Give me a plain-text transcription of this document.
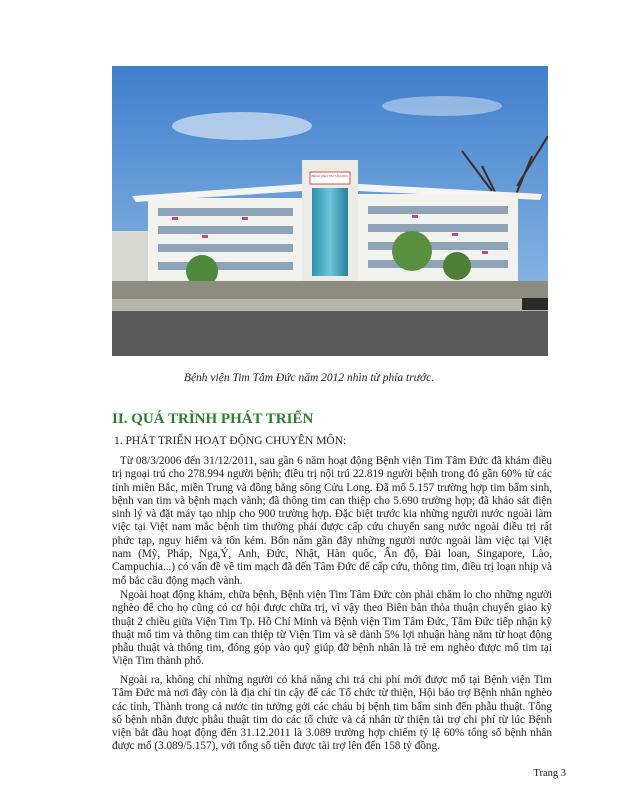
BỆNH VIỆN TIM TÂM ĐỨC
Bệnh viện Tim Tâm Đức năm 2012 nhìn từ phía trước.
II. QUÁ TRÌNH PHÁT TRIỂN
1. PHÁT TRIỂN HOẠT ĐỘNG CHUYÊN MÔN:
Từ 08/3/2006 đến 31/12/2011, sau gần 6 năm hoạt động Bệnh viện Tim Tâm Đức đã khám điều trị ngoại trú cho 278.994 người bệnh; điều trị nội trú 22.819 người bệnh trong đó gần 60% từ các tỉnh miền Bắc, miền Trung và đồng bằng sông Cửu Long. Đã mổ 5.157 trường hợp tim bẩm sinh, bệnh van tim và bệnh mạch vành; đã thông tim can thiệp cho 5.690 trường hợp; đã khảo sát điện sinh lý và đặt máy tạo nhịp cho 900 trường hợp. Đặc biệt trước kia những người nước ngoài làm việc tại Việt nam mắc bệnh tim thường phải được cấp cứu chuyển sang nước ngoài điều trị rất phức tạp, nguy hiểm và tốn kém. Bốn năm gần đây những người nước ngoài làm việc tại Việt nam (Mỹ, Pháp, Nga,Ý, Anh, Đức, Nhật, Hàn quốc, Ấn độ, Đài loan, Singapore, Lào, Campuchia...) có vấn đề về tim mạch đã đến Tâm Đức để cấp cứu, thông tim, điều trị loạn nhịp và mổ bắc cầu động mạch vành.
Ngoài hoạt động khám, chữa bệnh, Bệnh viện Tim Tâm Đức còn phải chăm lo cho những người nghèo để cho họ cũng có cơ hội được chữa trị, vì vậy theo Biên bản thỏa thuận chuyển giao kỹ thuật 2 chiều giữa Viện Tim Tp. Hồ Chí Minh và Bệnh viện Tim Tâm Đức, Tâm Đức tiếp nhận kỹ thuật mổ tim và thông tim can thiệp từ Viện Tim và sẽ dành 5% lợi nhuận hàng năm từ hoạt động phẫu thuật và thông tim, đóng góp vào quỹ giúp đỡ bệnh nhân là trẻ em nghèo được mổ tim tại Viện Tim thành phố.
Ngoài ra, không chỉ những người có khả năng chi trả chi phí mới được mổ tại Bệnh viện Tim Tâm Đức mà nơi đây còn là địa chỉ tin cậy để các Tổ chức từ thiện, Hội bảo trợ Bệnh nhân nghèo các tỉnh, Thành trong cả nước tin tưởng gởi các cháu bị bệnh tim bẩm sinh đến phẫu thuật. Tổng số bệnh nhân được phẫu thuật tim do các tổ chức và cá nhân từ thiện tài trợ chi phí từ lúc Bệnh viện bắt đầu hoạt động đến 31.12.2011 là 3.089 trường hợp chiếm tỷ lệ 60% tổng số bệnh nhân được mổ (3.089/5.157), với tổng số tiền được tài trợ lên đến 158 tỷ đồng.
Trang 3
